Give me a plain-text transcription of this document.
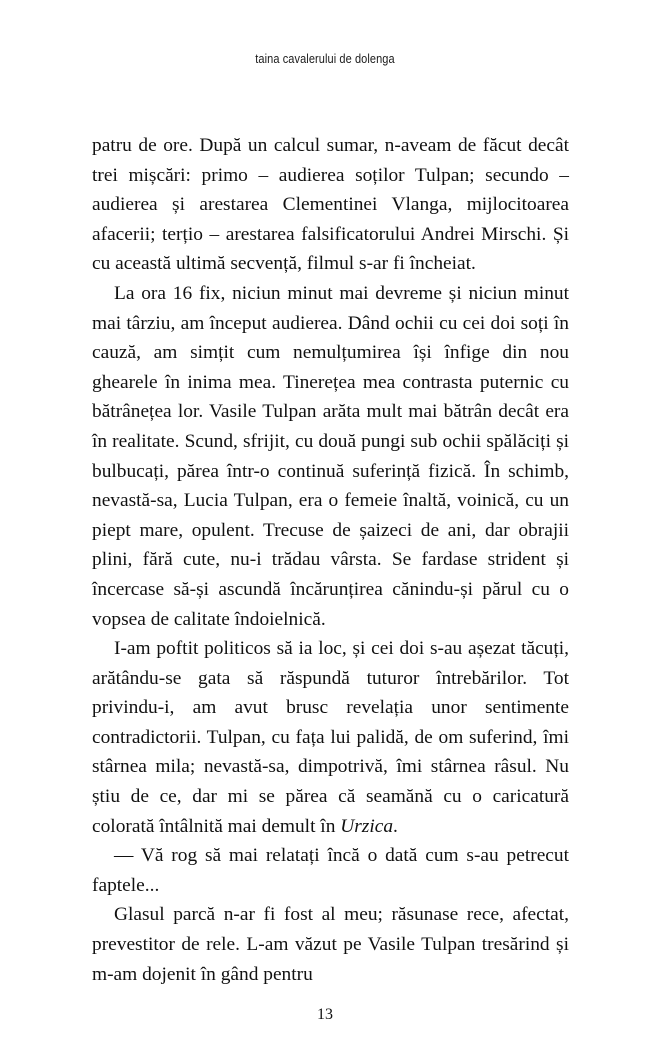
taina cavalerului de dolenga

patru de ore. După un calcul sumar, n-aveam de făcut decât trei mișcări: primo – audierea soților Tulpan; secundo – audierea și arestarea Clementinei Vlanga, mijlocitoarea afacerii; terțio – arestarea falsificatorului Andrei Mirschi. Și cu această ultimă secvență, filmul s-ar fi încheiat.

La ora 16 fix, niciun minut mai devreme și niciun minut mai târziu, am început audierea. Dând ochii cu cei doi soți în cauză, am simțit cum nemulțumirea își înfige din nou ghearele în inima mea. Tinerețea mea contrasta puternic cu bătrânețea lor. Vasile Tulpan arăta mult mai bătrân decât era în realitate. Scund, sfrijit, cu două pungi sub ochii spălăciți și bulbucați, părea într-o continuă suferință fizică. În schimb, nevastă-sa, Lucia Tulpan, era o femeie înaltă, voinică, cu un piept mare, opulent. Trecuse de șaizeci de ani, dar obrajii plini, fără cute, nu-i trădau vârsta. Se fardase strident și încercase să-și ascundă încărunțirea cănindu-și părul cu o vopsea de calitate îndoielnică.

I-am poftit politicos să ia loc, și cei doi s-au așezat tăcuți, arătându-se gata să răspundă tuturor întrebărilor. Tot privindu-i, am avut brusc revelația unor sentimente contradictorii. Tulpan, cu fața lui palidă, de om suferind, îmi stârnea mila; nevastă-sa, dimpotrivă, îmi stârnea râsul. Nu știu de ce, dar mi se părea că seamănă cu o caricatură colorată întâlnită mai demult în Urzica.

— Vă rog să mai relatați încă o dată cum s-au petrecut faptele...

Glasul parcă n-ar fi fost al meu; răsunase rece, afectat, prevestitor de rele. L-am văzut pe Vasile Tulpan tresărind și m-am dojenit în gând pentru

13
